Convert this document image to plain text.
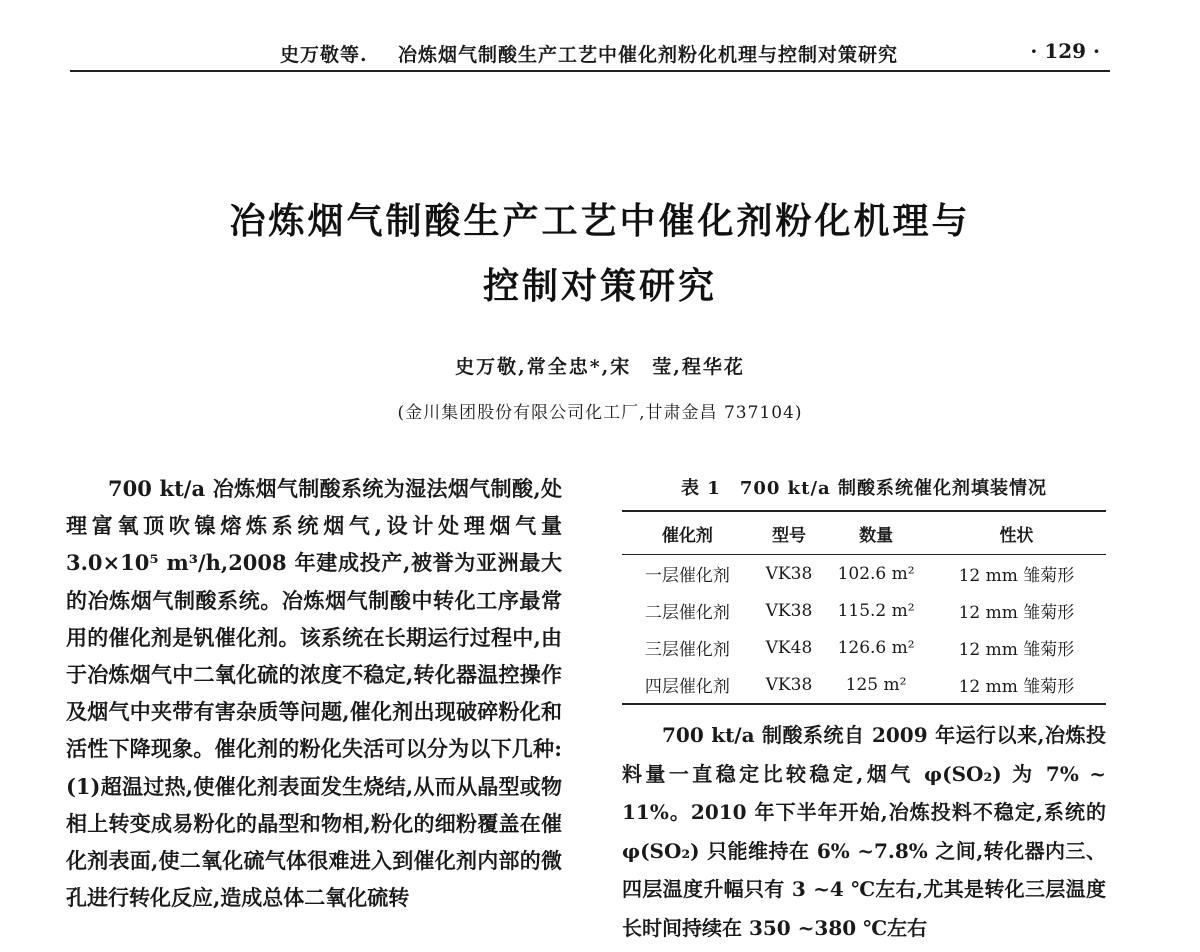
史万敬等. 冶炼烟气制酸生产工艺中催化剂粉化机理与控制对策研究	· 129 ·
冶炼烟气制酸生产工艺中催化剂粉化机理与
控制对策研究
史万敬,常全忠*,宋　莹,程华花
(金川集团股份有限公司化工厂,甘肃金昌 737104)

700 kt/a 冶炼烟气制酸系统为湿法烟气制酸,处理富氧顶吹镍熔炼系统烟气,设计处理烟气量 3.0×10⁵ m³/h,2008 年建成投产,被誉为亚洲最大的冶炼烟气制酸系统。冶炼烟气制酸中转化工序最常用的催化剂是钒催化剂。该系统在长期运行过程中,由于冶炼烟气中二氧化硫的浓度不稳定,转化器温控操作及烟气中夹带有害杂质等问题,催化剂出现破碎粉化和活性下降现象。催化剂的粉化失活可以分为以下几种:(1)超温过热,使催化剂表面发生烧结,从而从晶型或物相上转变成易粉化的晶型和物相,粉化的细粉覆盖在催化剂表面,使二氧化硫气体很难进入到催化剂内部的微孔进行转化反应,造成总体二氧化硫转

表 1　700 kt/a 制酸系统催化剂填装情况
催化剂	型号	数量	性状
一层催化剂	VK38	102.6 m²	12 mm 雏菊形
二层催化剂	VK38	115.2 m²	12 mm 雏菊形
三层催化剂	VK48	126.6 m²	12 mm 雏菊形
四层催化剂	VK38	125 m²	12 mm 雏菊形

700 kt/a 制酸系统自 2009 年运行以来,冶炼投料量一直稳定比较稳定,烟气 φ(SO₂) 为 7% ~ 11%。2010 年下半年开始,冶炼投料不稳定,系统的 φ(SO₂) 只能维持在 6% ~7.8% 之间,转化器内三、四层温度升幅只有 3 ~4 ℃左右,尤其是转化三层温度长时间持续在 350 ~380 ℃左右
